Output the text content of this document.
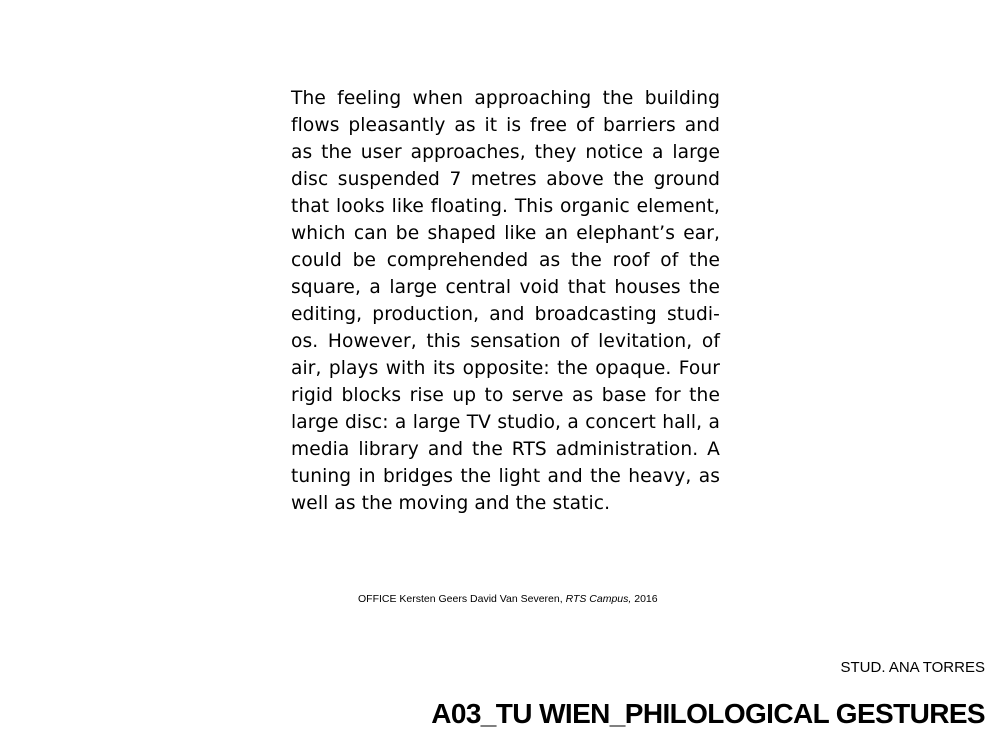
The feeling when approaching the building
flows pleasantly as it is free of barriers and
as the user approaches, they notice a large
disc suspended 7 metres above the ground
that looks like floating. This organic element,
which can be shaped like an elephant’s ear,
could be comprehended as the roof of the
square, a large central void that houses the
editing, production, and broadcasting studi-
os. However, this sensation of levitation, of
air, plays with its opposite: the opaque. Four
rigid blocks rise up to serve as base for the
large disc: a large TV studio, a concert hall, a
media library and the RTS administration. A
tuning in bridges the light and the heavy, as
well as the moving and the static.
OFFICE Kersten Geers David Van Severen, RTS Campus, 2016
STUD. ANA TORRES
A03_TU WIEN_PHILOLOGICAL GESTURES
